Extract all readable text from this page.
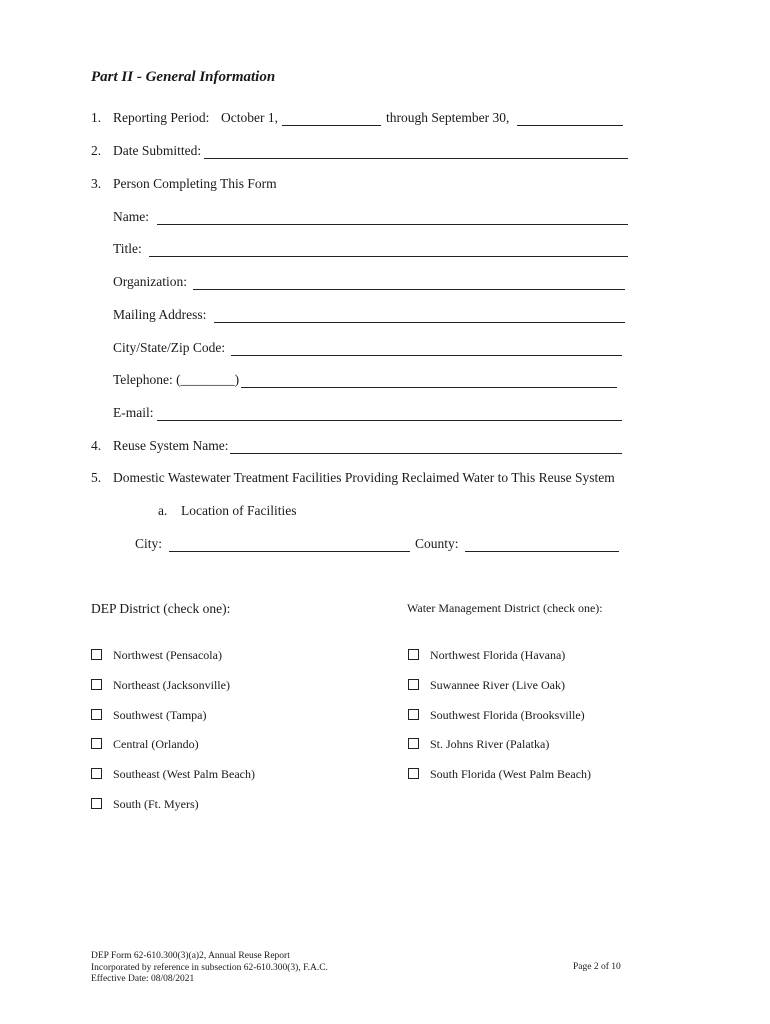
Part II - General Information
1. Reporting Period: October 1,	through September 30,
2. Date Submitted:
3. Person Completing This Form
Name:
Title:
Organization:
Mailing Address:
City/State/Zip Code:
Telephone: (________)
E-mail:
4. Reuse System Name:
5. Domestic Wastewater Treatment Facilities Providing Reclaimed Water to This Reuse System
a. Location of Facilities
City:	County:
DEP District (check one):	Water Management District (check one):
Northwest (Pensacola)
Northeast (Jacksonville)
Southwest (Tampa)
Central (Orlando)
Southeast (West Palm Beach)
South (Ft. Myers)
Northwest Florida (Havana)
Suwannee River (Live Oak)
Southwest Florida (Brooksville)
St. Johns River (Palatka)
South Florida (West Palm Beach)
DEP Form 62-610.300(3)(a)2, Annual Reuse Report
Incorporated by reference in subsection 62-610.300(3), F.A.C.
Effective Date: 08/08/2021
Page 2 of 10
